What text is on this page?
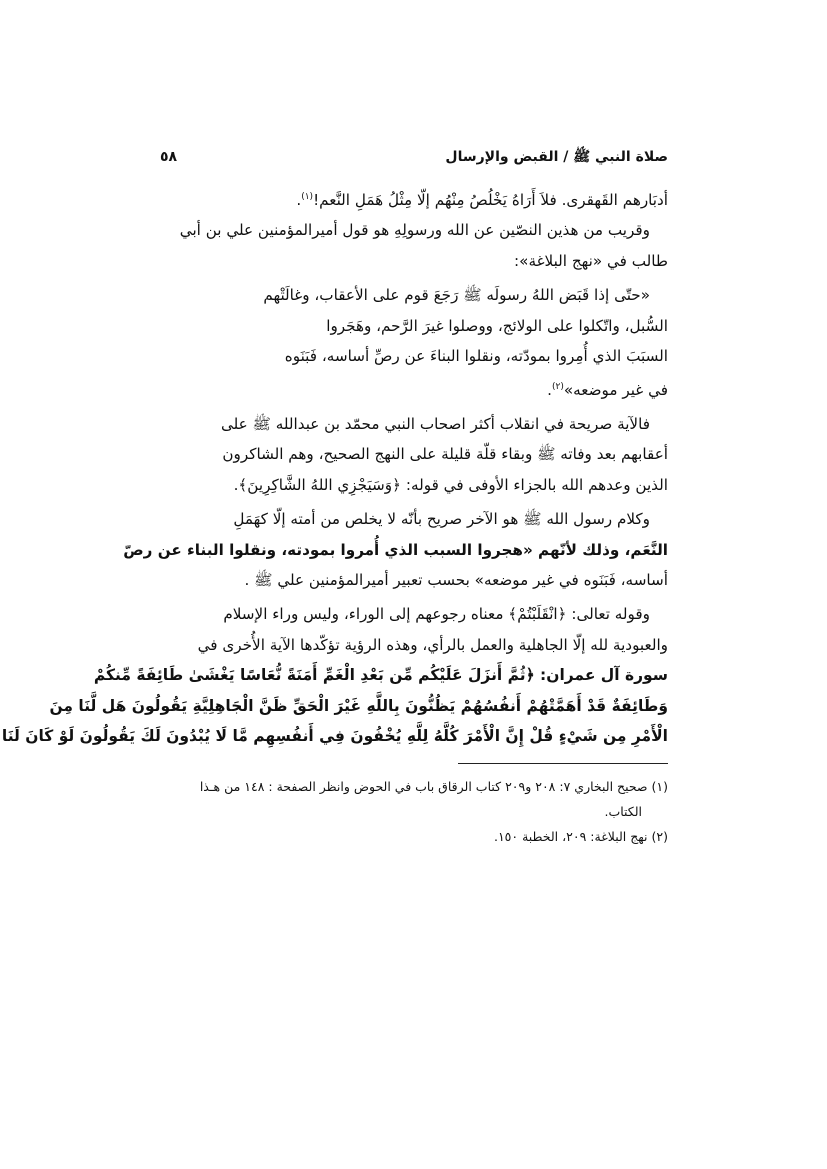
صلاة النبي ﷺ / القبض والإرسال
٥٨

أدبَارهم القَهقرى. فلاَ أَرَاهُ يَخْلُصُ مِنْهُم إلّا مِثْلُ هَمَلِ النَّعم!$^{(١)}$.

وقريب من هذين النصّين عن الله ورسولِهِ هو قول أميرالمؤمنين علي بن أبي

طالب في «نهج البلاغة»:

«حتّى إذا قَبَض اللهُ رسولَه ﷺ رَجَعَ قوم على الأعقاب، وغالَتْهم

السُّبل، واتّكلوا على الولائج، ووصلوا غيرَ الرَّحم، وهَجَروا

السبَبَ الذي أُمِروا بمودّته، ونقلوا البناءَ عن رصِّ أساسه، فَبَنَوه

في غير موضعه»$^{(٢)}$.

فالآية صريحة في انقلاب أكثر اصحاب النبي محمّد بن عبدالله ﷺ على

أعقابهم بعد وفاته ﷺ وبقاء قلّة قليلة على النهج الصحيح، وهم الشاكرون

الذين وعدهم الله بالجزاء الأوفى في قوله: ﴿وَسَيَجْزِي اللهُ الشَّاكِرِينَ﴾.

وكلام رسول الله ﷺ هو الآخر صريح بأنّه لا يخلص من أمته إلّا كهَمَلِ

النَّعَم، وذلك لأنّهم «هجروا السبب الذي أُمروا بمودته، ونقلوا البناء عن رصّ

أساسه، فَبَنَوه في غير موضعه» بحسب تعبير أميرالمؤمنين علي ﷺ .

وقوله تعالى: ﴿انْقَلَبْتُمْ﴾ معناه رجوعهم إلى الوراء، وليس وراء الإسلام

والعبودية لله إلّا الجاهلية والعمل بالرأي، وهذه الرؤية تؤكّدها الآية الأُخرى في

سورة آل عمران: ﴿ثُمَّ أَنزَلَ عَلَيْكُم مِّن بَعْدِ الْغَمِّ أَمَنَةً نُّعَاسًا يَغْشَىٰ طَائِفَةً مِّنكُمْ

وَطَائِفَةٌ قَدْ أَهَمَّتْهُمْ أَنفُسُهُمْ يَظُنُّونَ بِاللَّهِ غَيْرَ الْحَقِّ ظَنَّ الْجَاهِلِيَّةِ يَقُولُونَ هَل لَّنَا مِنَ

الْأَمْرِ مِن شَيْءٍ قُلْ إِنَّ الْأَمْرَ كُلَّهُ لِلَّهِ يُخْفُونَ فِي أَنفُسِهِم مَّا لَا يُبْدُونَ لَكَ يَقُولُونَ لَوْ كَانَ لَنَا

(١) صحيح البخاري ٧: ٢٠٨ و٢٠٩ كتاب الرقاق باب في الحوض وانظر الصفحة : ١٤٨ من هـذا

الكتاب.

(٢) نهج البلاغة: ٢٠٩، الخطبة ١٥٠.
